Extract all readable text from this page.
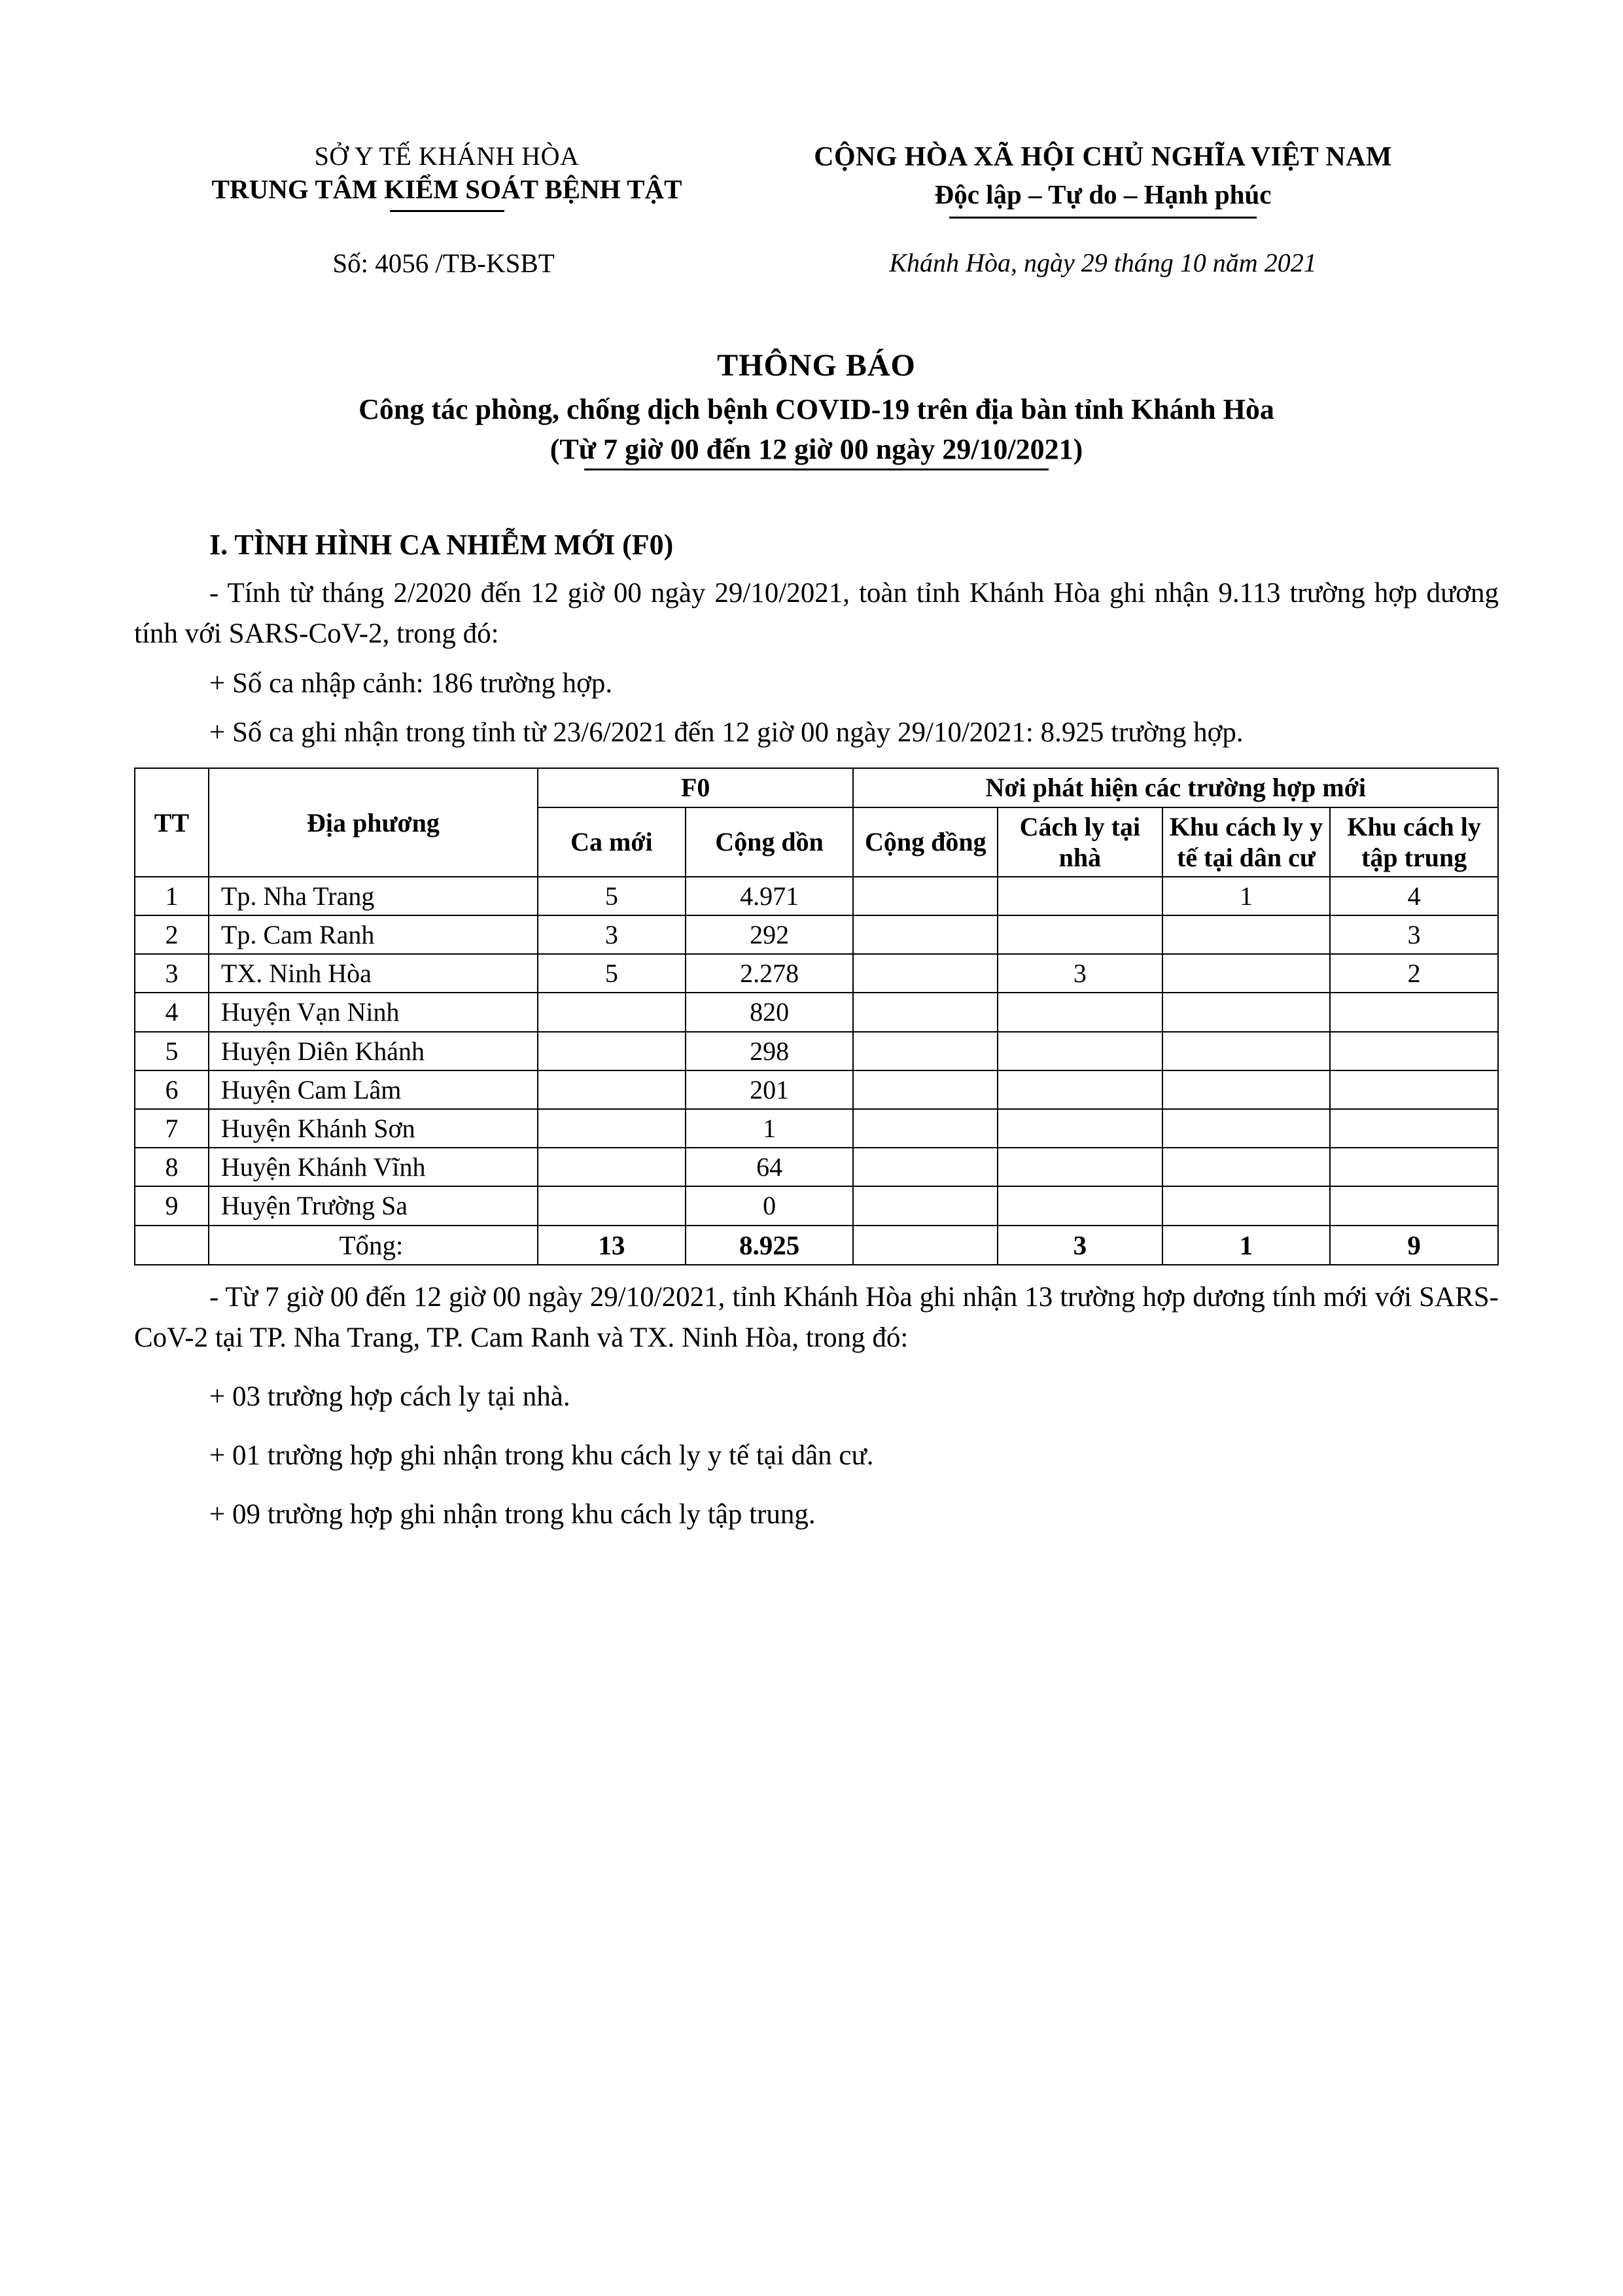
SỞ Y TẾ KHÁNH HÒA
TRUNG TÂM KIỂM SOÁT BỆNH TẬT
CỘNG HÒA XÃ HỘI CHỦ NGHĨA VIỆT NAM
Độc lập – Tự do – Hạnh phúc
Số: 4056 /TB-KSBT	Khánh Hòa, ngày 29 tháng 10 năm 2021
THÔNG BÁO
Công tác phòng, chống dịch bệnh COVID-19 trên địa bàn tỉnh Khánh Hòa
(Từ 7 giờ 00 đến 12 giờ 00 ngày 29/10/2021)
I. TÌNH HÌNH CA NHIỄM MỚI (F0)

- Tính từ tháng 2/2020 đến 12 giờ 00 ngày 29/10/2021, toàn tỉnh Khánh Hòa ghi nhận 9.113 trường hợp dương tính với SARS-CoV-2, trong đó:

+ Số ca nhập cảnh: 186 trường hợp.

+ Số ca ghi nhận trong tỉnh từ 23/6/2021 đến 12 giờ 00 ngày 29/10/2021: 8.925 trường hợp.

TT	Địa phương	F0		Nơi phát hiện các trường hợp mới			
		Ca mới	Cộng dồn	Cộng đồng	Cách ly tại nhà	Khu cách ly y tế tại dân cư	Khu cách ly tập trung
1	Tp. Nha Trang	5	4.971			1	4
2	Tp. Cam Ranh	3	292				3
3	TX. Ninh Hòa	5	2.278		3		2
4	Huyện Vạn Ninh		820				
5	Huyện Diên Khánh		298				
6	Huyện Cam Lâm		201				
7	Huyện Khánh Sơn		1				
8	Huyện Khánh Vĩnh		64				
9	Huyện Trường Sa		0				
	Tổng:	13	8.925		3	1	9

- Từ 7 giờ 00 đến 12 giờ 00 ngày 29/10/2021, tỉnh Khánh Hòa ghi nhận 13 trường hợp dương tính mới với SARS-CoV-2 tại TP. Nha Trang, TP. Cam Ranh và TX. Ninh Hòa, trong đó:

+ 03 trường hợp cách ly tại nhà.

+ 01 trường hợp ghi nhận trong khu cách ly y tế tại dân cư.

+ 09 trường hợp ghi nhận trong khu cách ly tập trung.
